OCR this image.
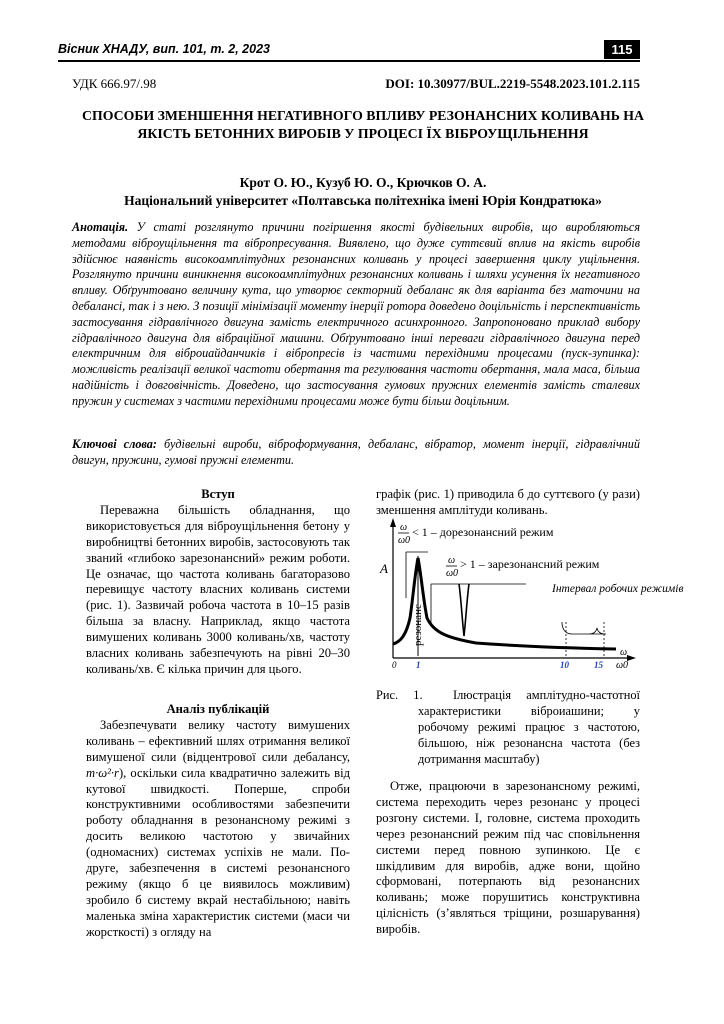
Вісник ХНАДУ, вип. 101, т. 2, 2023	115
УДК 666.97/.98	DOI: 10.30977/BUL.2219-5548.2023.101.2.115
СПОСОБИ ЗМЕНШЕННЯ НЕГАТИВНОГО ВПЛИВУ РЕЗОНАНСНИХ КОЛИВАНЬ НА ЯКІСТЬ БЕТОННИХ ВИРОБІВ У ПРОЦЕСІ ЇХ ВІБРОУЩІЛЬНЕННЯ
Крот О. Ю., Кузуб Ю. О., Крючков О. А.
Національний університет «Полтавська політехніка імені Юрія Кондратюка»
Анотація. У статі розглянуто причини погіршення якості будівельних виробів, що виробляються методами віброущільнення та вібропресування. Виявлено, що дуже суттєвий вплив на якість виробів здійснює наявність високоамплітудних резонансних коливань у процесі завершення циклу ущільнення. Розглянуто причини виникнення високоамплітудних резонансних коливань і шляхи усунення їх негативного впливу. Обґрунтовано величину кута, що утворює секторний дебаланс як для варіанта без маточини на дебалансі, так і з нею. З позиції мінімізації моменту інерції ротора доведено доцільність і перспективність застосування гідравлічного двигуна замість електричного асинхронного. Запропоновано приклад вибору гідравлічного двигуна для вібраційної машини. Обґрунтовано інші переваги гідравлічного двигуна перед електричним для віброиайданчиків і вібропресів із частими перехідними процесами (пуск-зупинка): можливість реалізації великої частоти обертання та регулювання частоти обертання, мала маса, більша надійність і довговічність. Доведено, що застосування гумових пружних елементів замість сталевих пружин у системах з частими перехідними процесами може бути більш доцільним.
Ключові слова: будівельні вироби, віброформування, дебаланс, вібратор, момент інерції, гідравлічний двигун, пружини, гумові пружні елементи.

Вступ

Переважна більшість обладнання, що використовується для віброущільнення бетону у виробництві бетонних виробів, застосовують так званий «глибоко зарезонансний» режим роботи. Це означає, що частота коливань багаторазово перевищує частоту власних коливань системи (рис. 1). Зазвичай робоча частота в 10–15 разів більша за власну. Наприклад, якщо частота вимушених коливань 3000 коливань/хв, частоту власних коливань забезпечують на рівні 20–30 коливань/хв. Є кілька причин для цього.

Аналіз публікацій

Забезпечувати велику частоту вимушених коливань – ефективний шлях отримання великої вимушеної сили (відцентрової сили дебалансу, m·ω²·r), оскільки сила квадратично залежить від кутової швидкості. Поперше, спроби конструктивними особливостями забезпечити роботу обладнання в резонансному режимі з досить великою частотою у звичайних (одномасних) системах успіхів не мали. По-друге, забезпечення в системі резонансного режиму (якщо б це виявилось можливим) зробило б систему вкрай нестабільною; навіть маленька зміна характеристик системи (маси чи жорсткості) з огляду на

графік (рис. 1) приводила б до суттєвого (у рази) зменшення амплітуди коливань.
A
резонанс
ω
ω0
< 1 – дорезонансний режим
ω
ω0
> 1 – зарезонансний режим
Інтервал робочих режимів
ω
ω0
0 1	10	15

Рис. 1. Ілюстрація амплітудно-частотної характеристики віброиашини; у робочому режимі працює з частотою, більшою, ніж резонансна частота (без дотримання масштабу)

Отже, працюючи в зарезонансному режимі, система переходить через резонанс у процесі розгону системи. І, головне, система проходить через резонансний режим під час сповільнення системи перед повною зупинкою. Це є шкідливим для виробів, адже вони, щойно сформовані, потерпають від резонансних коливань; може порушитись конструктивна цілісність (з’являться тріщини, розшарування) виробів.
